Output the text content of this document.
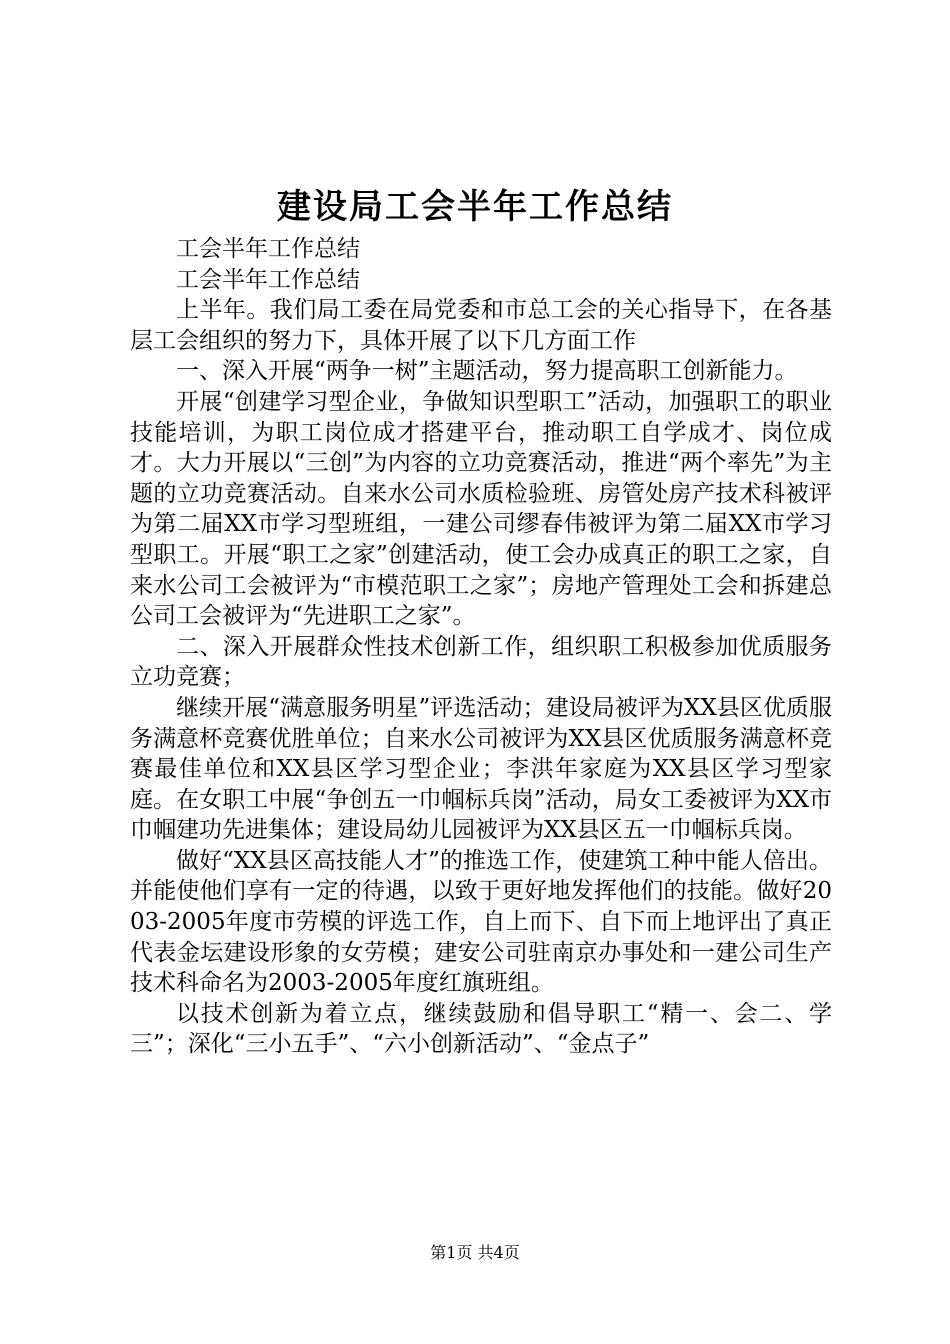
建设局工会半年工作总结

工会半年工作总结

工会半年工作总结

上半年。我们局工委在局党委和市总工会的关心指导下，在各基层工会组织的努力下，具体开展了以下几方面工作

一、深入开展“两争一树”主题活动，努力提高职工创新能力。

开展“创建学习型企业，争做知识型职工”活动，加强职工的职业技能培训，为职工岗位成才搭建平台，推动职工自学成才、岗位成才。大力开展以“三创”为内容的立功竞赛活动，推进“两个率先”为主题的立功竞赛活动。自来水公司水质检验班、房管处房产技术科被评为第二届XX市学习型班组，一建公司缪春伟被评为第二届XX市学习型职工。开展“职工之家”创建活动，使工会办成真正的职工之家，自来水公司工会被评为“市模范职工之家”；房地产管理处工会和拆建总公司工会被评为“先进职工之家”。

二、深入开展群众性技术创新工作，组织职工积极参加优质服务立功竞赛；

继续开展“满意服务明星”评选活动；建设局被评为XX县区优质服务满意杯竞赛优胜单位；自来水公司被评为XX县区优质服务满意杯竞赛最佳单位和XX县区学习型企业；李洪年家庭为XX县区学习型家庭。在女职工中展“争创五一巾帼标兵岗”活动，局女工委被评为XX市巾帼建功先进集体；建设局幼儿园被评为XX县区五一巾帼标兵岗。

做好“XX县区高技能人才”的推选工作，使建筑工种中能人倍出。并能使他们享有一定的待遇，以致于更好地发挥他们的技能。做好2003-2005年度市劳模的评选工作，自上而下、自下而上地评出了真正代表金坛建设形象的女劳模；建安公司驻南京办事处和一建公司生产技术科命名为2003-2005年度红旗班组。

以技术创新为着立点，继续鼓励和倡导职工“精一、会二、学三”；深化“三小五手”、“六小创新活动”、“金点子”

第1页 共4页
